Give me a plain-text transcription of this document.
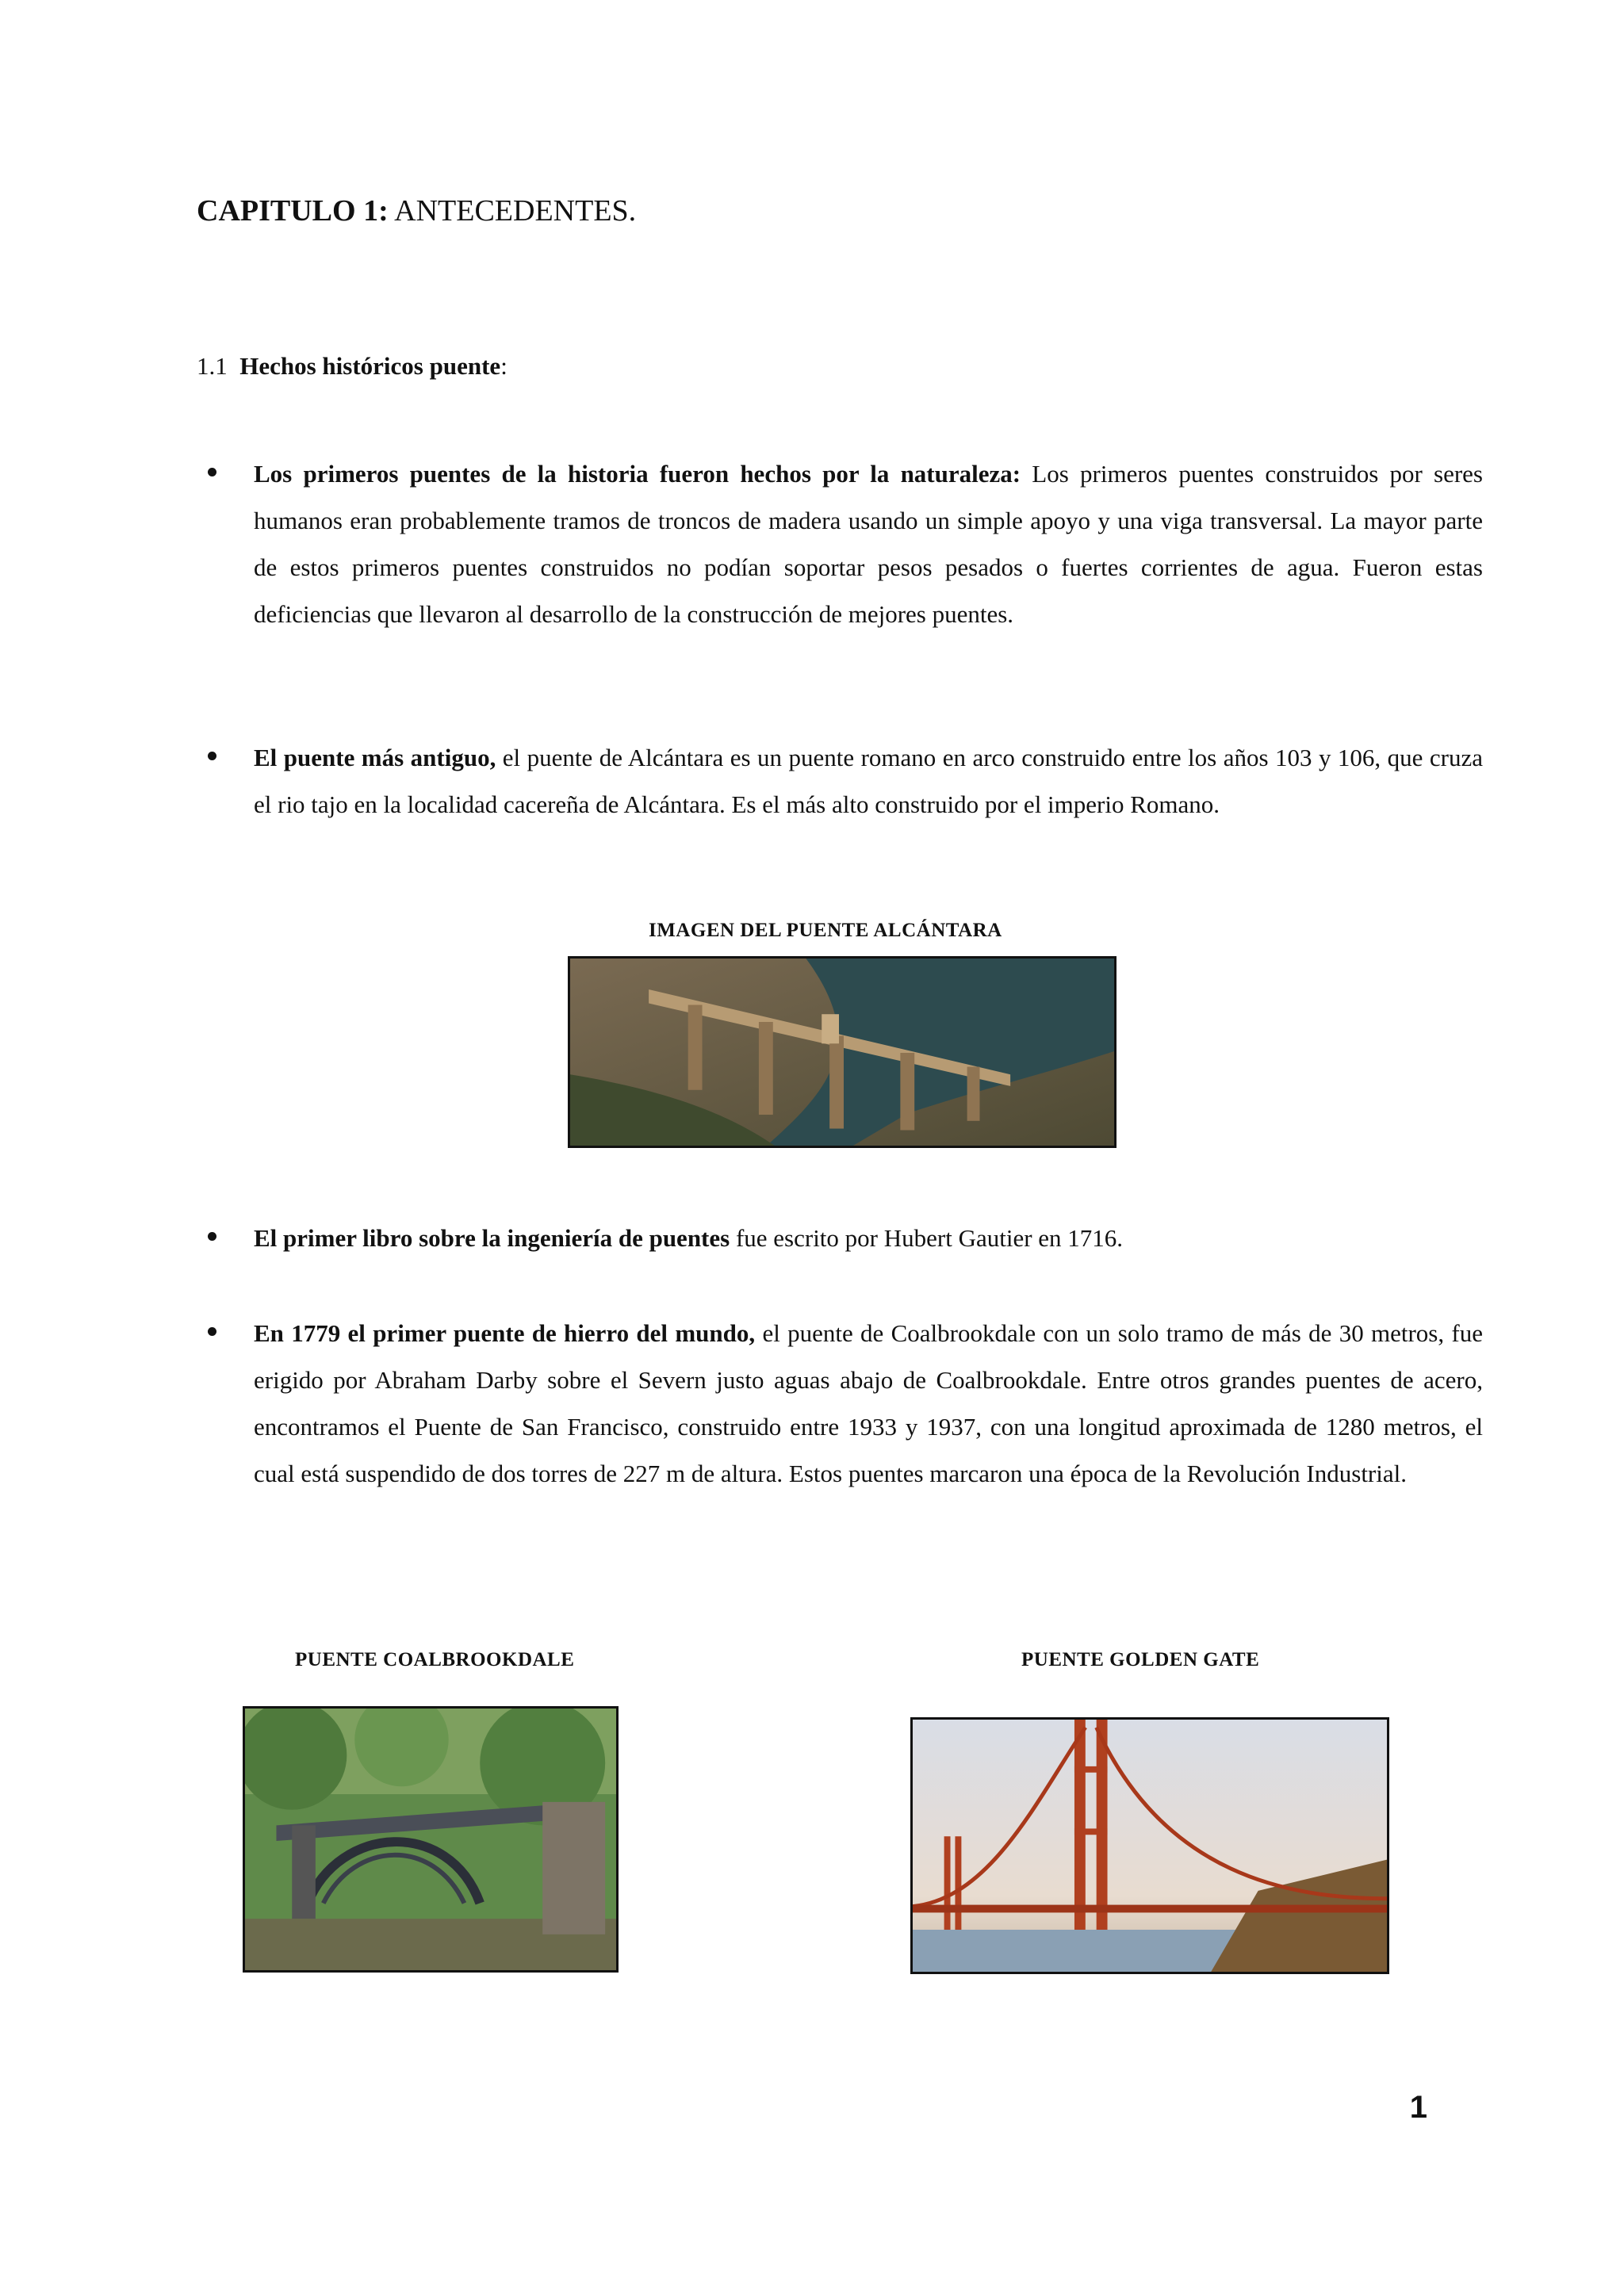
CAPITULO 1: ANTECEDENTES.
1.1 Hechos históricos puente:
Los primeros puentes de la historia fueron hechos por la naturaleza: Los primeros puentes construidos por seres humanos eran probablemente tramos de troncos de madera usando un simple apoyo y una viga transversal. La mayor parte de estos primeros puentes construidos no podían soportar pesos pesados o fuertes corrientes de agua. Fueron estas deficiencias que llevaron al desarrollo de la construcción de mejores puentes.
El puente más antiguo, el puente de Alcántara es un puente romano en arco construido entre los años 103 y 106, que cruza el rio tajo en la localidad cacereña de Alcántara. Es el más alto construido por el imperio Romano.
IMAGEN DEL PUENTE ALCÁNTARA
El primer libro sobre la ingeniería de puentes fue escrito por Hubert Gautier en 1716.
En 1779 el primer puente de hierro del mundo, el puente de Coalbrookdale con un solo tramo de más de 30 metros, fue erigido por Abraham Darby sobre el Severn justo aguas abajo de Coalbrookdale. Entre otros grandes puentes de acero, encontramos el Puente de San Francisco, construido entre 1933 y 1937, con una longitud aproximada de 1280 metros, el cual está suspendido de dos torres de 227 m de altura. Estos puentes marcaron una época de la Revolución Industrial.
PUENTE COALBROOKDALE	PUENTE GOLDEN GATE
1
